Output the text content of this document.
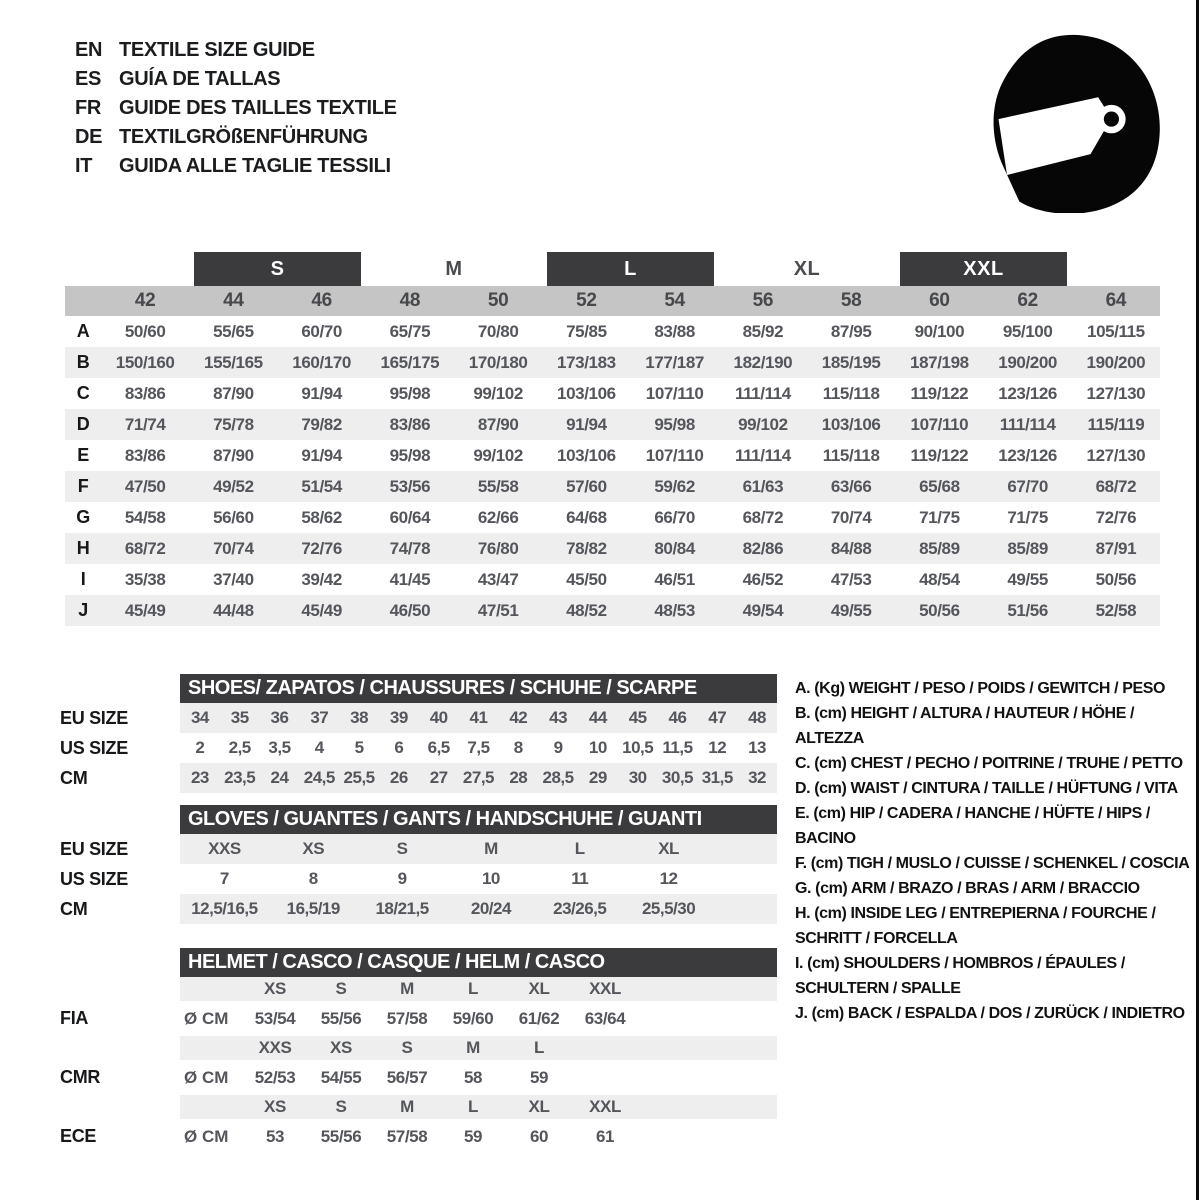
EN TEXTILE SIZE GUIDE
ES GUÍA DE TALLAS
FR GUIDE DES TAILLES TEXTILE
DE TEXTILGRÖßENFÜHRUNG
IT	GUIDA ALLE TAGLIE TESSILI

S		M		L		XL		XXL		

	42	44	46	48	50	52	54	56	58	60	62	64
A	50/60	55/65	60/70	65/75	70/80	75/85	83/88	85/92	87/95	90/100	95/100	105/115
B	150/160	155/165	160/170	165/175	170/180	173/183	177/187	182/190	185/195	187/198	190/200	190/200
C	83/86	87/90	91/94	95/98	99/102	103/106	107/110	111/114	115/118	119/122	123/126	127/130
D	71/74	75/78	79/82	83/86	87/90	91/94	95/98	99/102	103/106	107/110	111/114	115/119
E	83/86	87/90	91/94	95/98	99/102	103/106	107/110	111/114	115/118	119/122	123/126	127/130
F	47/50	49/52	51/54	53/56	55/58	57/60	59/62	61/63	63/66	65/68	67/70	68/72
G	54/58	56/60	58/62	60/64	62/66	64/68	66/70	68/72	70/74	71/75	71/75	72/76
H	68/72	70/74	72/76	74/78	76/80	78/82	80/84	82/86	84/88	85/89	85/89	87/91
I	35/38	37/40	39/42	41/45	43/47	45/50	46/51	46/52	47/53	48/54	49/55	50/56
J	45/49	44/48	45/49	46/50	47/51	48/52	48/53	49/54	49/55	50/56	51/56	52/58
SHOES/ ZAPATOS / CHAUSSURES / SCHUHE / SCARPE
EU SIZE	34	35	36	37	38	39	40	41	42	43	44	45	46	47	48
US SIZE	2	2,5	3,5	4	5	6	6,5	7,5	8	9	10 10,5 11,5 12	13
CM	23 23,5 24 24,5 25,5 26	27 27,5 28 28,5 29	30 30,5 31,5 32
GLOVES / GUANTES / GANTS / HANDSCHUHE / GUANTI
EU SIZE	XXS	XS	S	M	L	XL
US SIZE	7	8	9	10	11	12
CM	12,5/16,5	16,5/19	18/21,5	20/24	23/26,5	25,5/30
HELMET / CASCO / CASQUE / HELM / CASCO
XS	S	M	L	XL	XXL
FIA	Ø CM	53/54	55/56	57/58	59/60	61/62	63/64
XXS	XS	S	M	L
CMR	Ø CM	52/53	54/55	56/57	58	59
XS	S	M	L	XL	XXL
ECE	Ø CM	53	55/56	57/58	59	60	61
A. (Kg) WEIGHT / PESO / POIDS / GEWITCH / PESO
B. (cm) HEIGHT / ALTURA / HAUTEUR / HÖHE / ALTEZZA
C. (cm) CHEST / PECHO / POITRINE / TRUHE / PETTO
D. (cm) WAIST / CINTURA / TAILLE / HÜFTUNG / VITA
E. (cm) HIP / CADERA / HANCHE / HÜFTE / HIPS / BACINO
F. (cm) TIGH / MUSLO / CUISSE / SCHENKEL / COSCIA
G. (cm) ARM / BRAZO / BRAS / ARM / BRACCIO
H. (cm) INSIDE LEG / ENTREPIERNA / FOURCHE / SCHRITT / FORCELLA
I. (cm) SHOULDERS / HOMBROS / ÉPAULES / SCHULTERN / SPALLE
J. (cm) BACK / ESPALDA / DOS / ZURÜCK / INDIETRO
